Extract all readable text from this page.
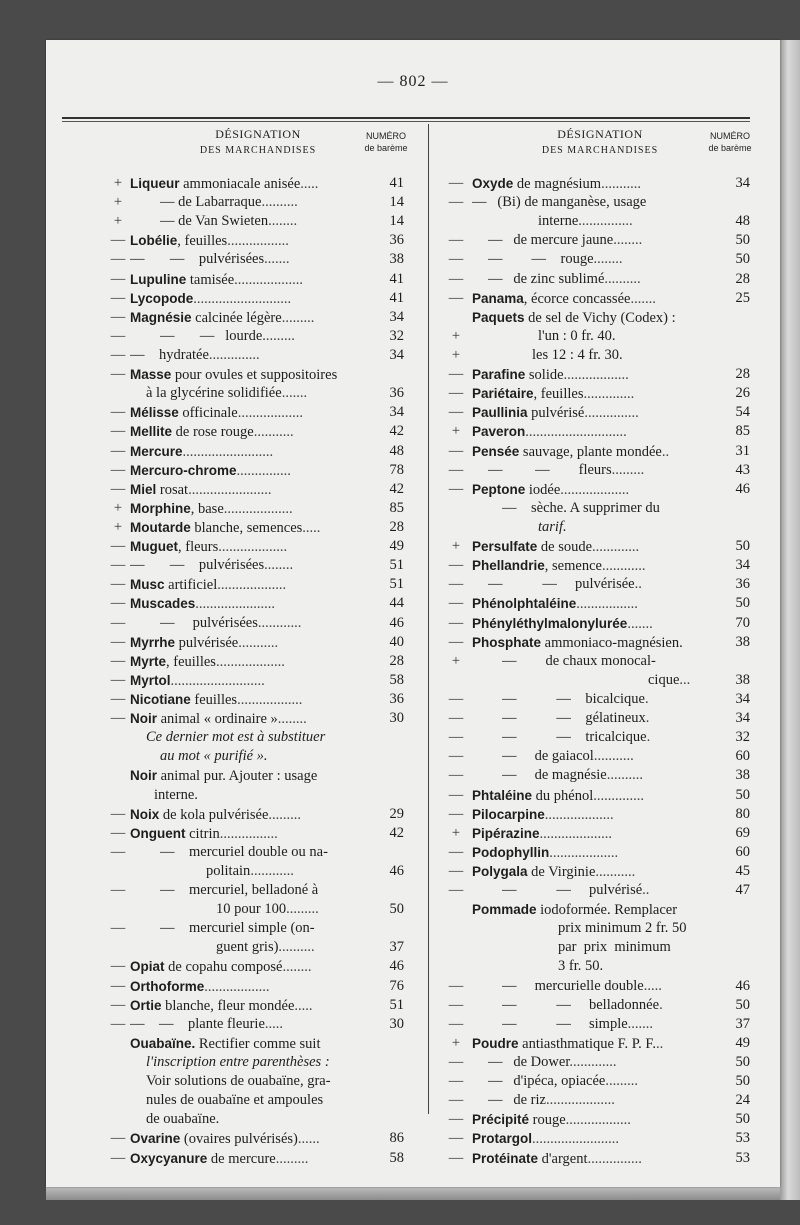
— 802 —
DÉSIGNATION
DES MARCHANDISES
NUMÉRO
de barème
DÉSIGNATION
DES MARCHANDISES
NUMÉRO
de barème
+ Liqueur ammoniacale anisée.....	41
+	— de Labarraque..........	14
+	— de Van Swieten........	14
— Lobélie, feuilles.................	36
— —       —    pulvérisées.......	38
— Lupuline tamisée...................	41
— Lycopode...........................	41
— Magnésie calcinée légère.........	34
— —       —   lourde.........	32
— —    hydratée..............	34
— Masse pour ovules et suppositoires
à la glycérine solidifiée.......	36
— Mélisse officinale..................	34
— Mellite de rose rouge...........	42
— Mercure.........................	48
— Mercuro-chrome...............	78
— Miel rosat.......................	42
+ Morphine, base...................	85
+ Moutarde blanche, semences.....	28
— Muguet, fleurs...................	49
— —       —    pulvérisées........	51
— Musc artificiel...................	51
— Muscades......................	44
— —     pulvérisées............	46
— Myrrhe pulvérisée...........	40
— Myrte, feuilles...................	28
— Myrtol..........................	58
— Nicotiane feuilles..................	36
— Noir animal « ordinaire »........	30
Ce dernier mot est à substituer
au mot « purifié ».
Noir animal pur. Ajouter : usage
interne.
— Noix de kola pulvérisée.........	29
— Onguent citrin................	42
— —    mercuriel double ou na-
politain............	46
— —    mercuriel, belladoné à
10 pour 100.........	50
— —    mercuriel simple (on-
guent gris)..........	37
— Opiat de copahu composé........	46
— Orthoforme..................	76
— Ortie blanche, fleur mondée.....	51
— —    —    plante fleurie.....	30
Ouabaïne. Rectifier comme suit
l'inscription entre parenthèses :
Voir solutions de ouabaïne, gra-
nules de ouabaïne et ampoules
de ouabaïne.
— Ovarine (ovaires pulvérisés)......	86
— Oxycyanure de mercure.........	58
— Oxyde de magnésium...........	34
— —   (Bi) de manganèse, usage
interne...............	48
— —   de mercure jaune........	50
— —        —    rouge........	50
— —   de zinc sublimé..........	28
— Panama, écorce concassée.......	25
Paquets de sel de Vichy (Codex) :
+	l'un : 0 fr. 40.
+	les 12 : 4 fr. 30.
— Parafine solide..................	28
— Pariétaire, feuilles..............	26
— Paullinia pulvérisé...............	54
+ Paveron............................	85
— Pensée sauvage, plante mondée..	31
— —         —        fleurs.........	43
— Peptone iodée...................	46
—    sèche. A supprimer du
tarif.
+ Persulfate de soude.............	50
— Phellandrie, semence............	34
— —           —     pulvérisée..	36
— Phénolphtaléine.................	50
— Phényléthylmalonylurée.......	70
— Phosphate ammoniaco-magnésien.	38
+	—        de chaux monocal-
cique...	38
—	—           —    bicalcique.	34
—	—           —    gélatineux.	34
—	—           —    tricalcique.	32
—	—     de gaiacol...........	60
—	—     de magnésie..........	38
— Phtaléine du phénol..............	50
— Pilocarpine...................	80
+ Pipérazine....................	69
— Podophyllin...................	60
— Polygala de Virginie...........	45
—	—           —     pulvérisé..	47
Pommade iodoformée. Remplacer
prix minimum 2 fr. 50
par  prix  minimum
3 fr. 50.
—	—     mercurielle double.....	46
—	—           —     belladonnée.	50
—	—           —     simple.......	37
+ Poudre antiasthmatique F. P. F...	49
— —   de Dower.............	50
— —   d'ipéca, opiacée.........	50
— —   de riz...................	24
— Précipité rouge..................	50
— Protargol........................	53
— Protéinate d'argent...............	53
